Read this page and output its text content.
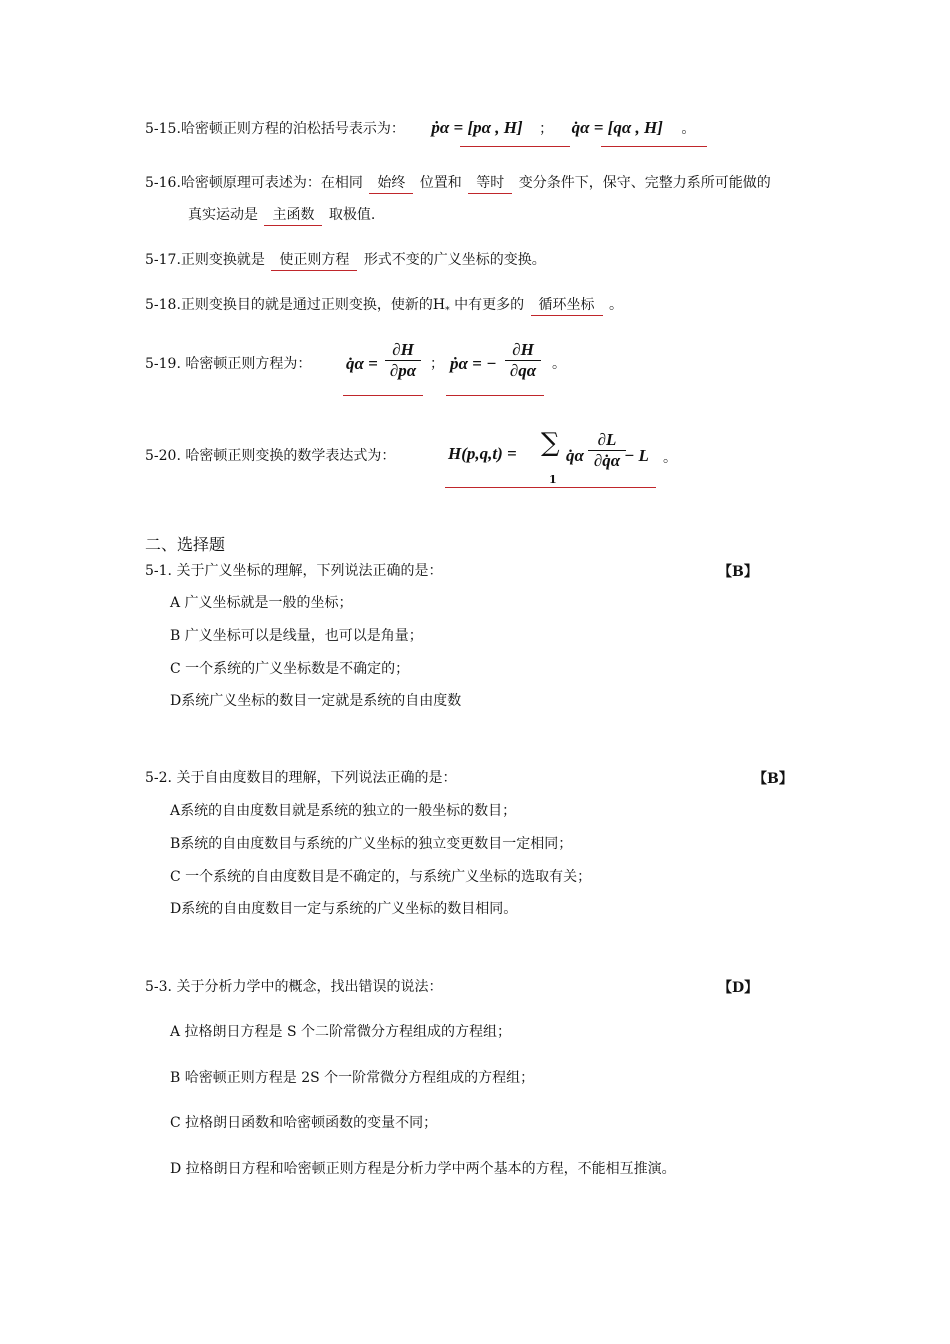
5-15.哈密顿正则方程的泊松括号表示为： ṗα = [pα , H] ； q̇α = [qα , H] 。
5-16.哈密顿原理可表述为：在相同 始终 位置和 等时 变分条件下，保守、完整力系所可能做的
真实运动是 主函数 取极值.
5-17.正则变换就是 使正则方程 形式不变的广义坐标的变换。
5-18.正则变换目的就是通过正则变换，使新的$H_*$ 中有更多的 循环坐标 。
5-19. 哈密顿正则方程为： q̇α = $\frac{\partial H}{\partial p\alpha}$ ； ṗα = − $\frac{\partial H}{\partial q\alpha}$ 。
5-20. 哈密顿正则变换的数学表达式为：	H(p,q,t) = ∑
1
q̇α $\frac{\partial L}{\partial q̇\alpha}$
− L 。
二、选择题
5-1. 关于广义坐标的理解，下列说法正确的是：	【B】
A 广义坐标就是一般的坐标；
B 广义坐标可以是线量，也可以是角量；
C 一个系统的广义坐标数是不确定的；
D系统广义坐标的数目一定就是系统的自由度数
5-2. 关于自由度数目的理解，下列说法正确的是：	【B】
A系统的自由度数目就是系统的独立的一般坐标的数目；
B系统的自由度数目与系统的广义坐标的独立变更数目一定相同；
C 一个系统的自由度数目是不确定的，与系统广义坐标的选取有关；
D系统的自由度数目一定与系统的广义坐标的数目相同。
5-3. 关于分析力学中的概念，找出错误的说法：	【D】
A 拉格朗日方程是 S 个二阶常微分方程组成的方程组；
B 哈密顿正则方程是 2S 个一阶常微分方程组成的方程组；
C 拉格朗日函数和哈密顿函数的变量不同；
D 拉格朗日方程和哈密顿正则方程是分析力学中两个基本的方程，不能相互推演。
